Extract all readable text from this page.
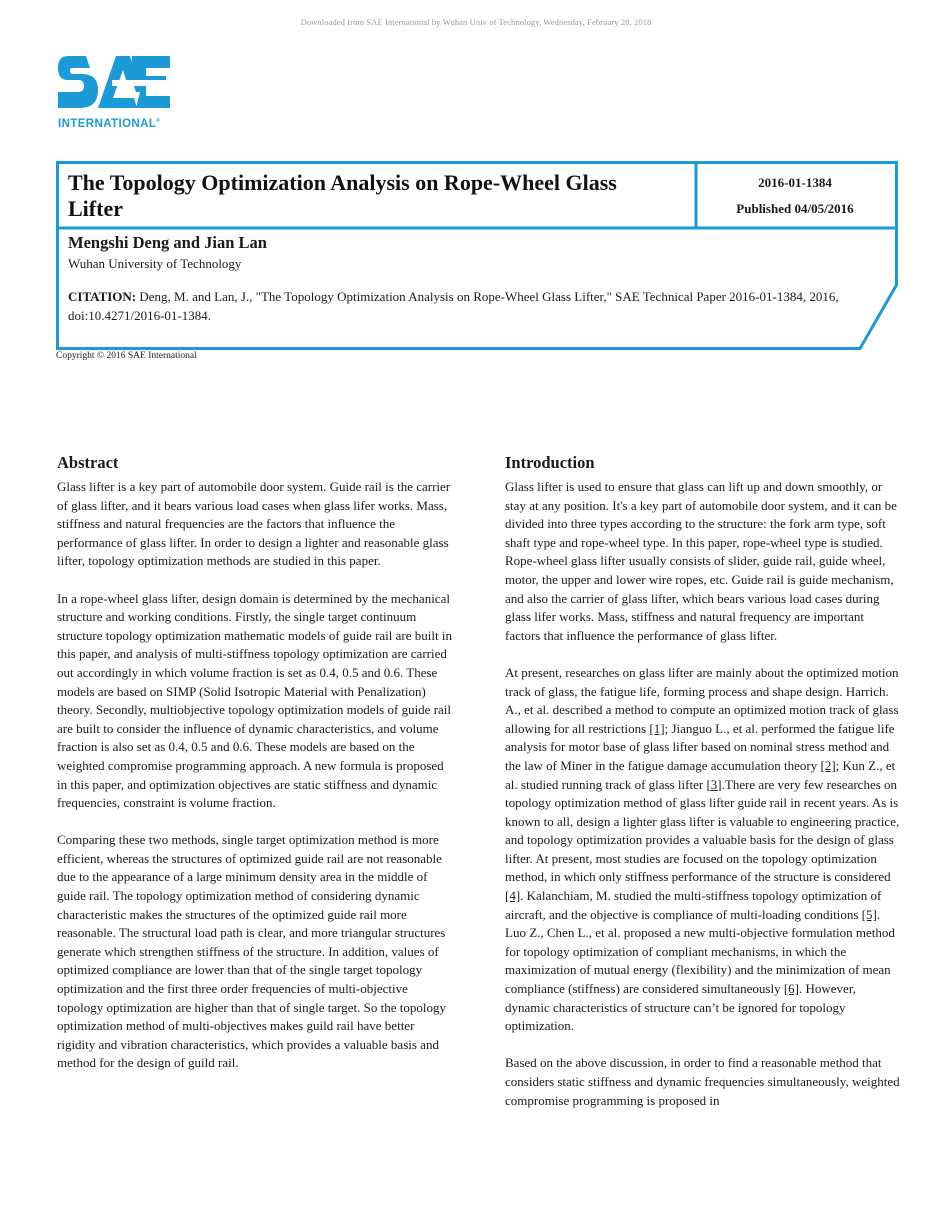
Downloaded from SAE International by Wuhan Univ of Technology, Wednesday, February 28, 2018
INTERNATIONAL®
The Topology Optimization Analysis on Rope-Wheel Glass Lifter
2016-01-1384
Published 04/05/2016
Mengshi Deng and Jian Lan
Wuhan University of Technology
CITATION: Deng, M. and Lan, J., "The Topology Optimization Analysis on Rope-Wheel Glass Lifter," SAE Technical Paper 2016-01-1384, 2016, doi:10.4271/2016-01-1384.
Copyright © 2016 SAE International
Abstract

Glass lifter is a key part of automobile door system. Guide rail is the carrier of glass lifter, and it bears various load cases when glass lifer works. Mass, stiffness and natural frequencies are the factors that influence the performance of glass lifter. In order to design a lighter and reasonable glass lifter, topology optimization methods are studied in this paper.

In a rope-wheel glass lifter, design domain is determined by the mechanical structure and working conditions. Firstly, the single target continuum structure topology optimization mathematic models of guide rail are built in this paper, and analysis of multi-stiffness topology optimization are carried out accordingly in which volume fraction is set as 0.4, 0.5 and 0.6. These models are based on SIMP (Solid Isotropic Material with Penalization) theory. Secondly, multiobjective topology optimization models of guide rail are built to consider the influence of dynamic characteristics, and volume fraction is also set as 0.4, 0.5 and 0.6. These models are based on the weighted compromise programming approach. A new formula is proposed in this paper, and optimization objectives are static stiffness and dynamic frequencies, constraint is volume fraction.

Comparing these two methods, single target optimization method is more efficient, whereas the structures of optimized guide rail are not reasonable due to the appearance of a large minimum density area in the middle of guide rail. The topology optimization method of considering dynamic characteristic makes the structures of the optimized guide rail more reasonable. The structural load path is clear, and more triangular structures generate which strengthen stiffness of the structure. In addition, values of optimized compliance are lower than that of the single target topology optimization and the first three order frequencies of multi-objective topology optimization are higher than that of single target. So the topology optimization method of multi-objectives makes guild rail have better rigidity and vibration characteristics, which provides a valuable basis and method for the design of guild rail.

Introduction

Glass lifter is used to ensure that glass can lift up and down smoothly, or stay at any position. It's a key part of automobile door system, and it can be divided into three types according to the structure: the fork arm type, soft shaft type and rope-wheel type. In this paper, rope-wheel type is studied. Rope-wheel glass lifter usually consists of slider, guide rail, guide wheel, motor, the upper and lower wire ropes, etc. Guide rail is guide mechanism, and also the carrier of glass lifter, which bears various load cases during glass lifer works. Mass, stiffness and natural frequency are important factors that influence the performance of glass lifter.

At present, researches on glass lifter are mainly about the optimized motion track of glass, the fatigue life, forming process and shape design. Harrich. A., et al. described a method to compute an optimized motion track of glass allowing for all restrictions [1]; Jianguo L., et al. performed the fatigue life analysis for motor base of glass lifter based on nominal stress method and the law of Miner in the fatigue damage accumulation theory [2]; Kun Z., et al. studied running track of glass lifter [3].There are very few researches on topology optimization method of glass lifter guide rail in recent years. As is known to all, design a lighter glass lifter is valuable to engineering practice, and topology optimization provides a valuable basis for the design of glass lifter. At present, most studies are focused on the topology optimization method, in which only stiffness performance of the structure is considered [4]. Kalanchiam, M. studied the multi-stiffness topology optimization of aircraft, and the objective is compliance of multi-loading conditions [5]. Luo Z., Chen L., et al. proposed a new multi-objective formulation method for topology optimization of compliant mechanisms, in which the maximization of mutual energy (flexibility) and the minimization of mean compliance (stiffness) are considered simultaneously [6]. However, dynamic characteristics of structure can’t be ignored for topology optimization.

Based on the above discussion, in order to find a reasonable method that considers static stiffness and dynamic frequencies simultaneously, weighted compromise programming is proposed in
